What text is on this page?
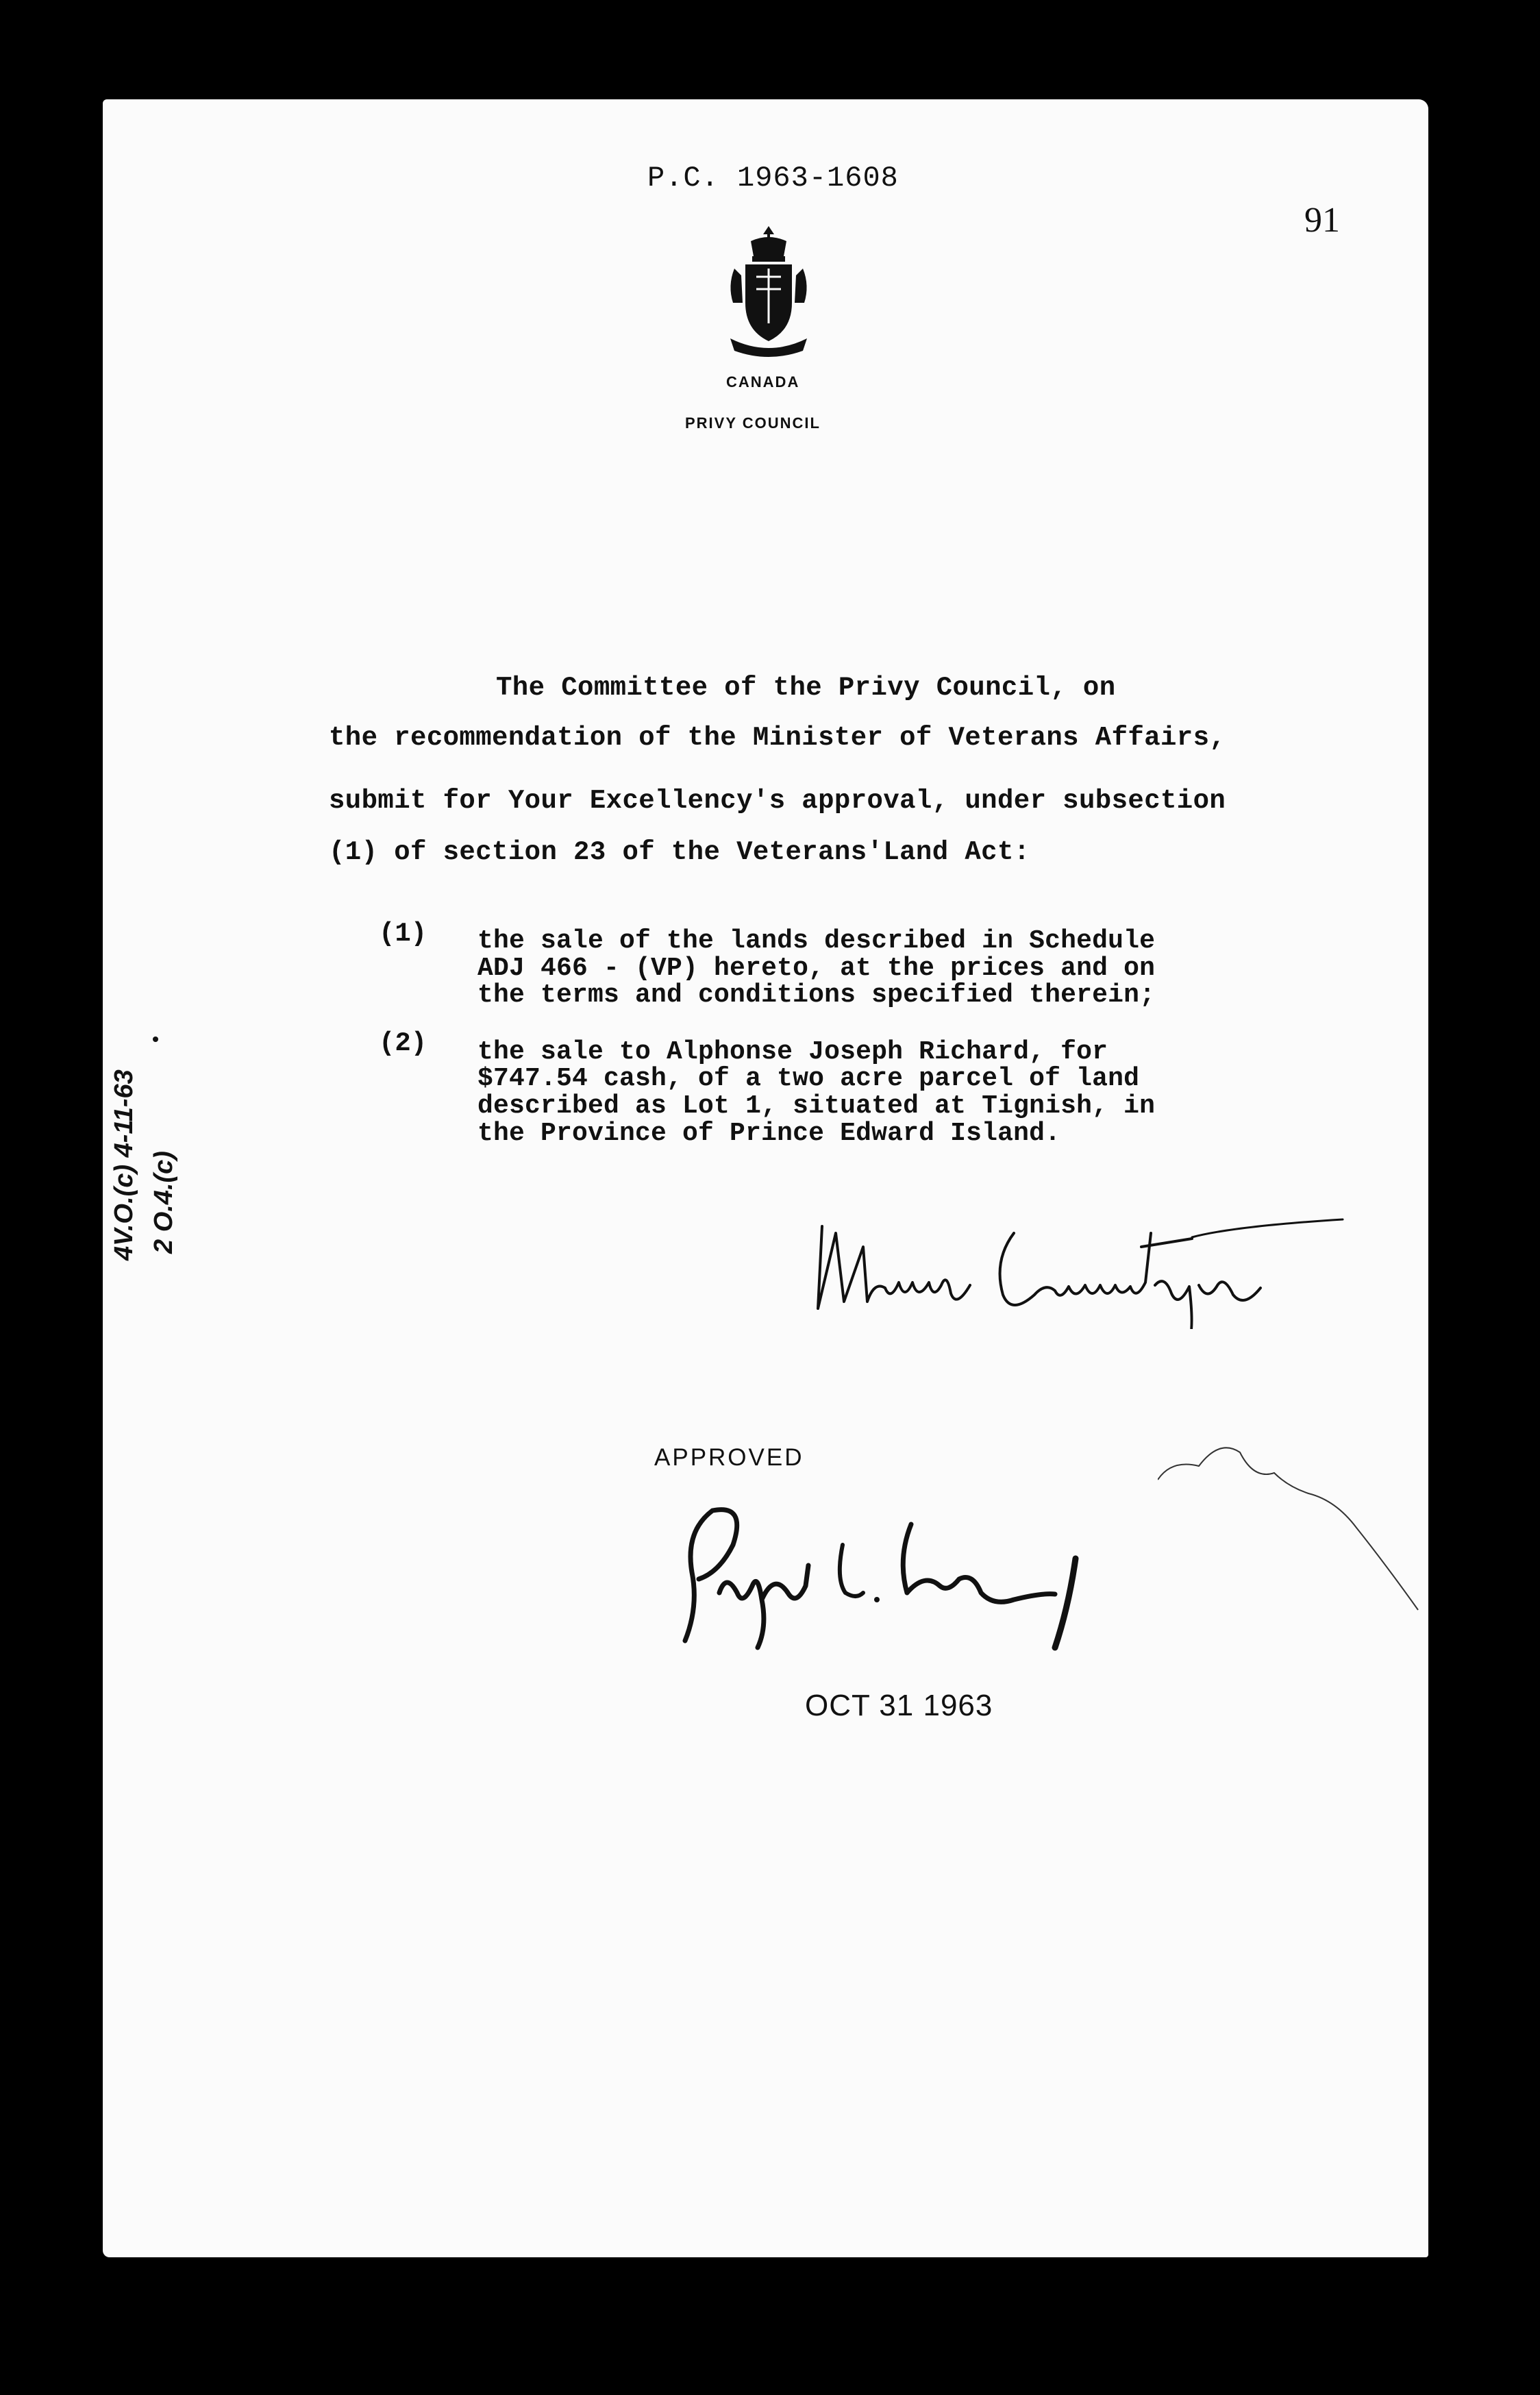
P.C. 1963-1608
91
CANADA
PRIVY COUNCIL
The Committee of the Privy Council, on
the recommendation of the Minister of Veterans Affairs,
submit for Your Excellency's approval, under subsection
(1) of section 23 of the Veterans'Land Act:
(1) the sale of the lands described in Schedule
ADJ 466 - (VP) hereto, at the prices and on
the terms and conditions specified therein;
(2) the sale to Alphonse Joseph Richard, for
$747.54 cash, of a two acre parcel of land
described as Lot 1, situated at Tignish, in
the Province of Prince Edward Island.
4V.O.(c) 4-11-63 2 O.4.(c)
APPROVED
OCT 31 1963
